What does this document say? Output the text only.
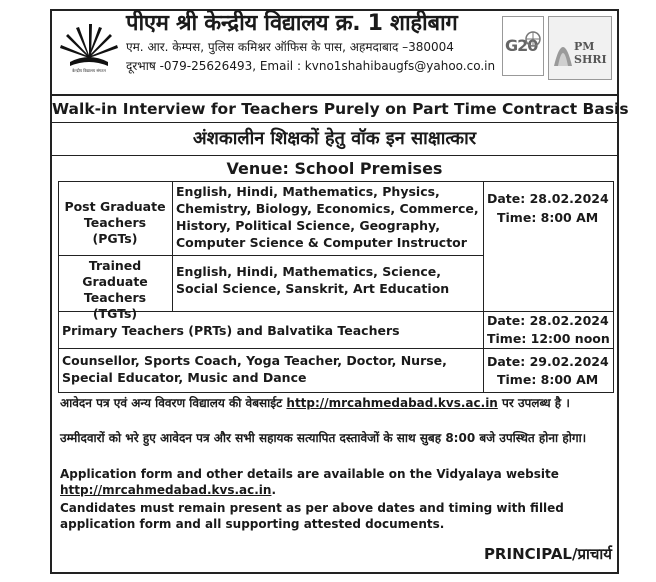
केन्द्रीय विद्यालय संगठन
पीएम श्री केन्द्रीय विद्यालय क्र. 1 शाहीबाग
एम. आर. केम्पस, पुलिस कमिश्नर ऑफिस के पास, अहमदाबाद –380004
दूरभाष -079-25626493, Email : kvno1shahibaugfs@yahoo.co.in
G20	PM SHRI
Walk-in Interview for Teachers Purely on Part Time Contract Basis
अंशकालीन शिक्षकों हेतु वॉक इन साक्षात्कार
Venue: School Premises
Post Graduate Teachers (PGTs)
English, Hindi, Mathematics, Physics,
Chemistry, Biology, Economics, Commerce,
History, Political Science, Geography,
Computer Science & Computer Instructor
Date: 28.02.2024
Time: 8:00 AM
Trained Graduate Teachers (TGTs)
English, Hindi, Mathematics, Science,
Social Science, Sanskrit, Art Education
Primary Teachers (PRTs) and Balvatika Teachers
Date: 28.02.2024
Time: 12:00 noon
Counsellor, Sports Coach, Yoga Teacher, Doctor, Nurse,
Special Educator, Music and Dance
Date: 29.02.2024
Time: 8:00 AM
आवेदन पत्र एवं अन्य विवरण विद्यालय की वेबसाईट http://mrcahmedabad.kvs.ac.in पर उपलब्ध है ।
उम्मीदवारों को भरे हुए आवेदन पत्र और सभी सहायक सत्यापित दस्तावेजों के साथ सुबह 8:00 बजे उपस्थित होना होगा।
Application form and other details are available on the Vidyalaya website http://mrcahmedabad.kvs.ac.in.
Candidates must remain present as per above dates and timing with filled application form and all supporting attested documents.
PRINCIPAL/प्राचार्य
